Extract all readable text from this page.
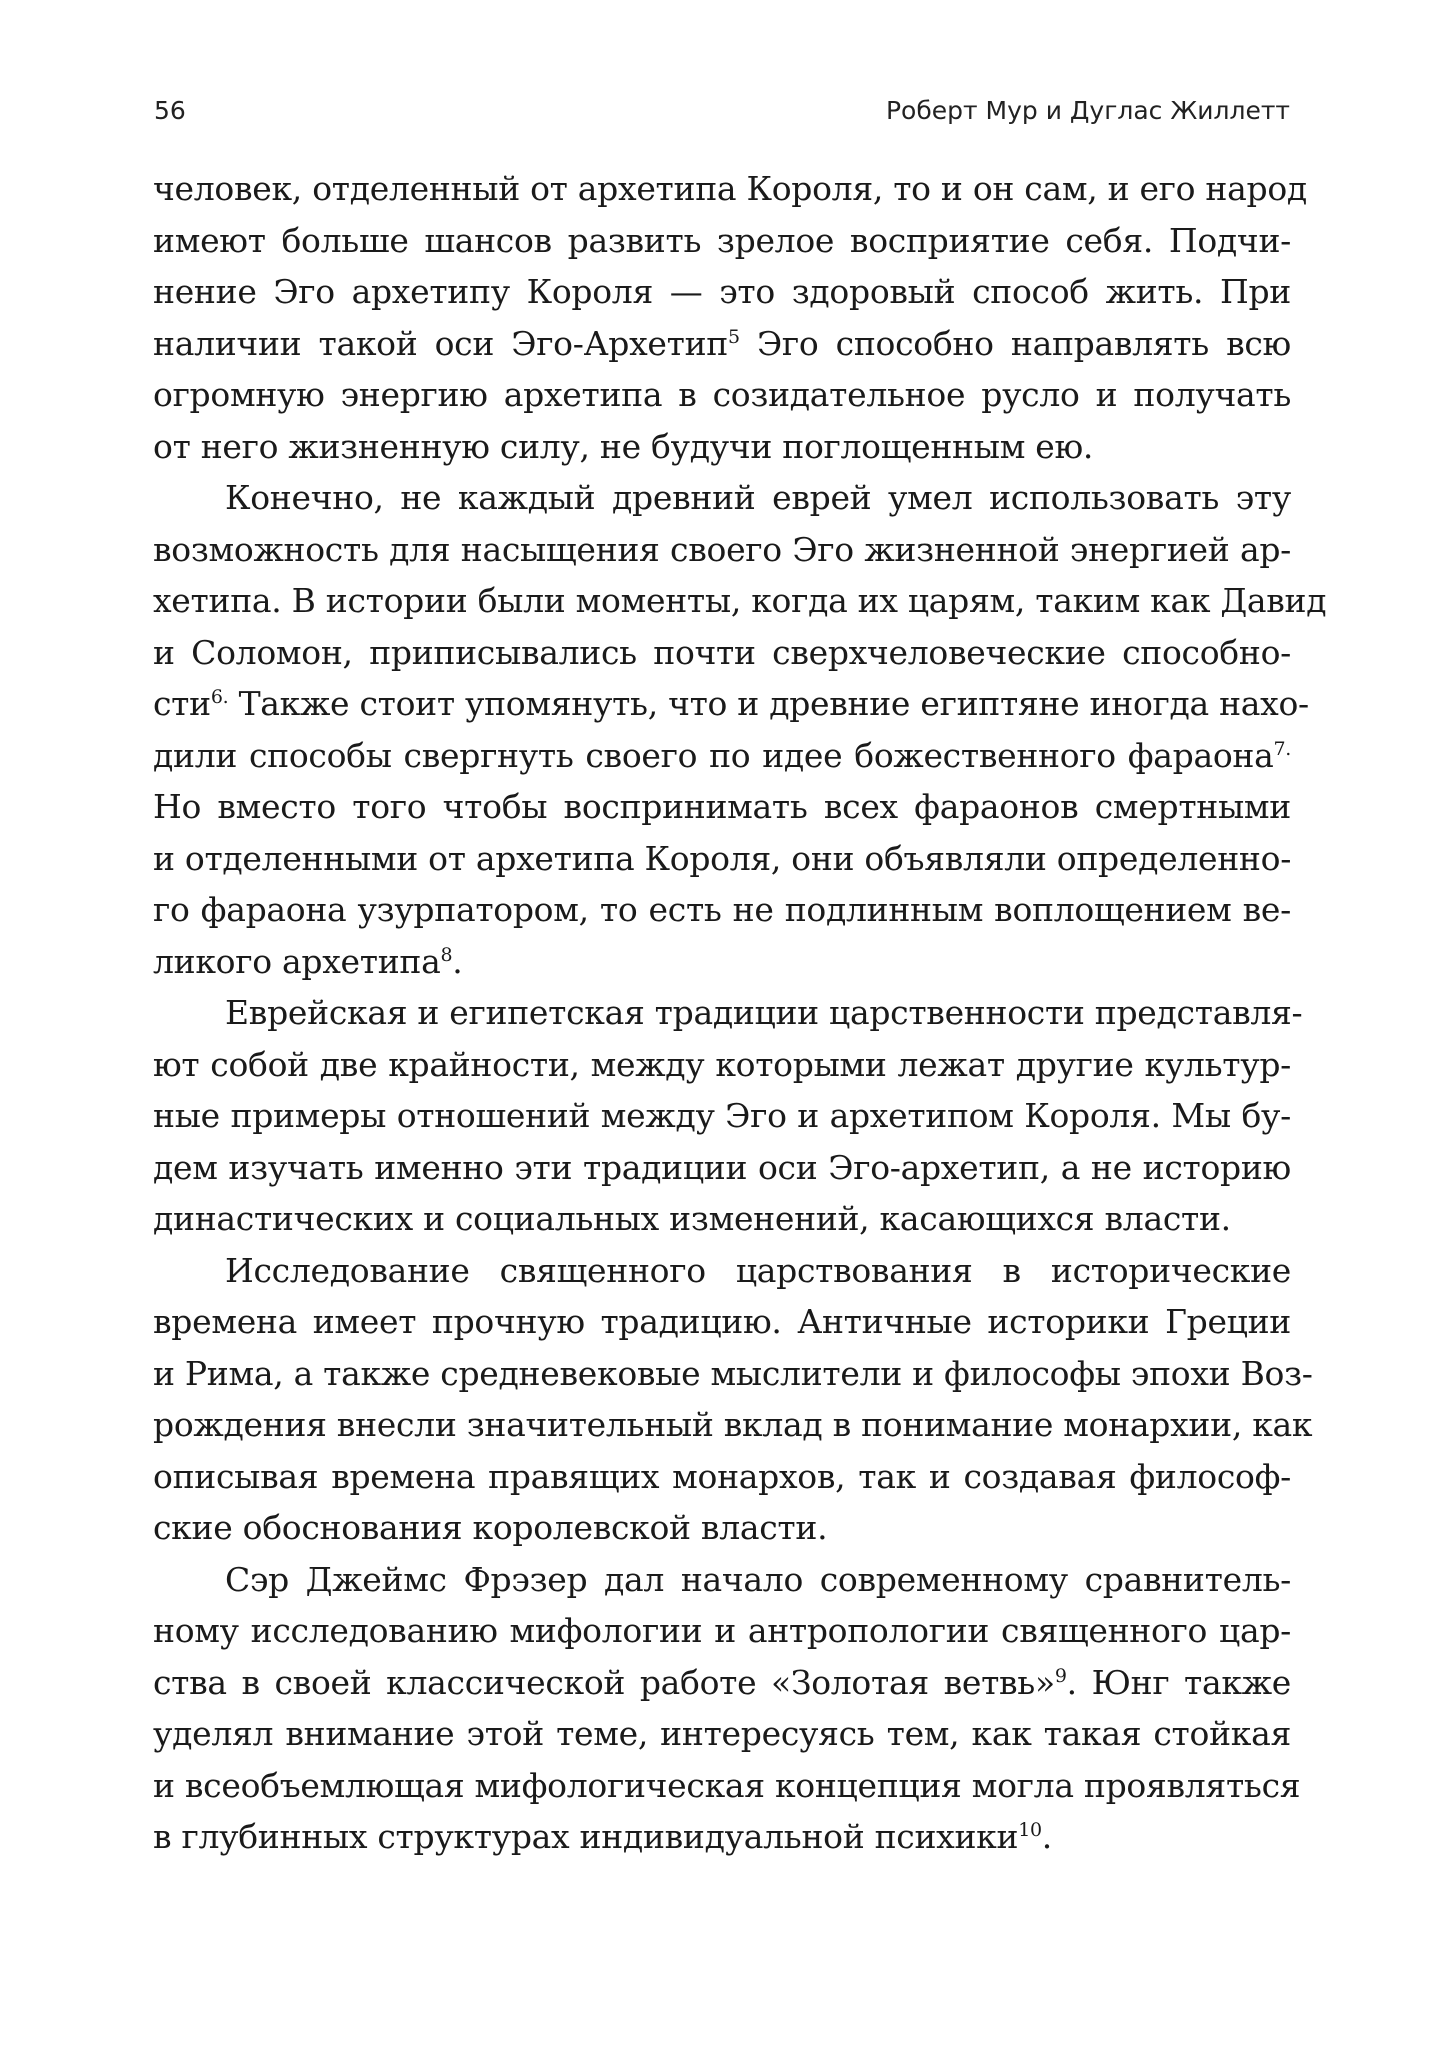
56	Роберт Мур и Дуглас Жиллетт
человек, отделенный от архетипа Короля, то и он сам, и его народ
имеют больше шансов развить зрелое восприятие себя. Подчи-
нение Эго архетипу Короля — это здоровый способ жить. При
наличии такой оси Эго-Архетип$^5$ Эго способно направлять всю
огромную энергию архетипа в созидательное русло и получать
от него жизненную силу, не будучи поглощенным ею.
Конечно, не каждый древний еврей умел использовать эту
возможность для насыщения своего Эго жизненной энергией ар-
хетипа. В истории были моменты, когда их царям, таким как Давид
и Соломон, приписывались почти сверхчеловеческие способно-
сти$^{6.}$ Также стоит упомянуть, что и древние египтяне иногда нахо-
дили способы свергнуть своего по идее божественного фараона$^{7.}$
Но вместо того чтобы воспринимать всех фараонов смертными
и отделенными от архетипа Короля, они объявляли определенно-
го фараона узурпатором, то есть не подлинным воплощением ве-
ликого архетипа$^8$.
Еврейская и египетская традиции царственности представля-
ют собой две крайности, между которыми лежат другие культур-
ные примеры отношений между Эго и архетипом Короля. Мы бу-
дем изучать именно эти традиции оси Эго-архетип, а не историю
династических и социальных изменений, касающихся власти.
Исследование священного царствования в исторические
времена имеет прочную традицию. Античные историки Греции
и Рима, а также средневековые мыслители и философы эпохи Воз-
рождения внесли значительный вклад в понимание монархии, как
описывая времена правящих монархов, так и создавая философ-
ские обоснования королевской власти.
Сэр Джеймс Фрэзер дал начало современному сравнитель-
ному исследованию мифологии и антропологии священного цар-
ства в своей классической работе «Золотая ветвь»$^9$. Юнг также
уделял внимание этой теме, интересуясь тем, как такая стойкая
и всеобъемлющая мифологическая концепция могла проявляться
в глубинных структурах индивидуальной психики$^{10}$.
